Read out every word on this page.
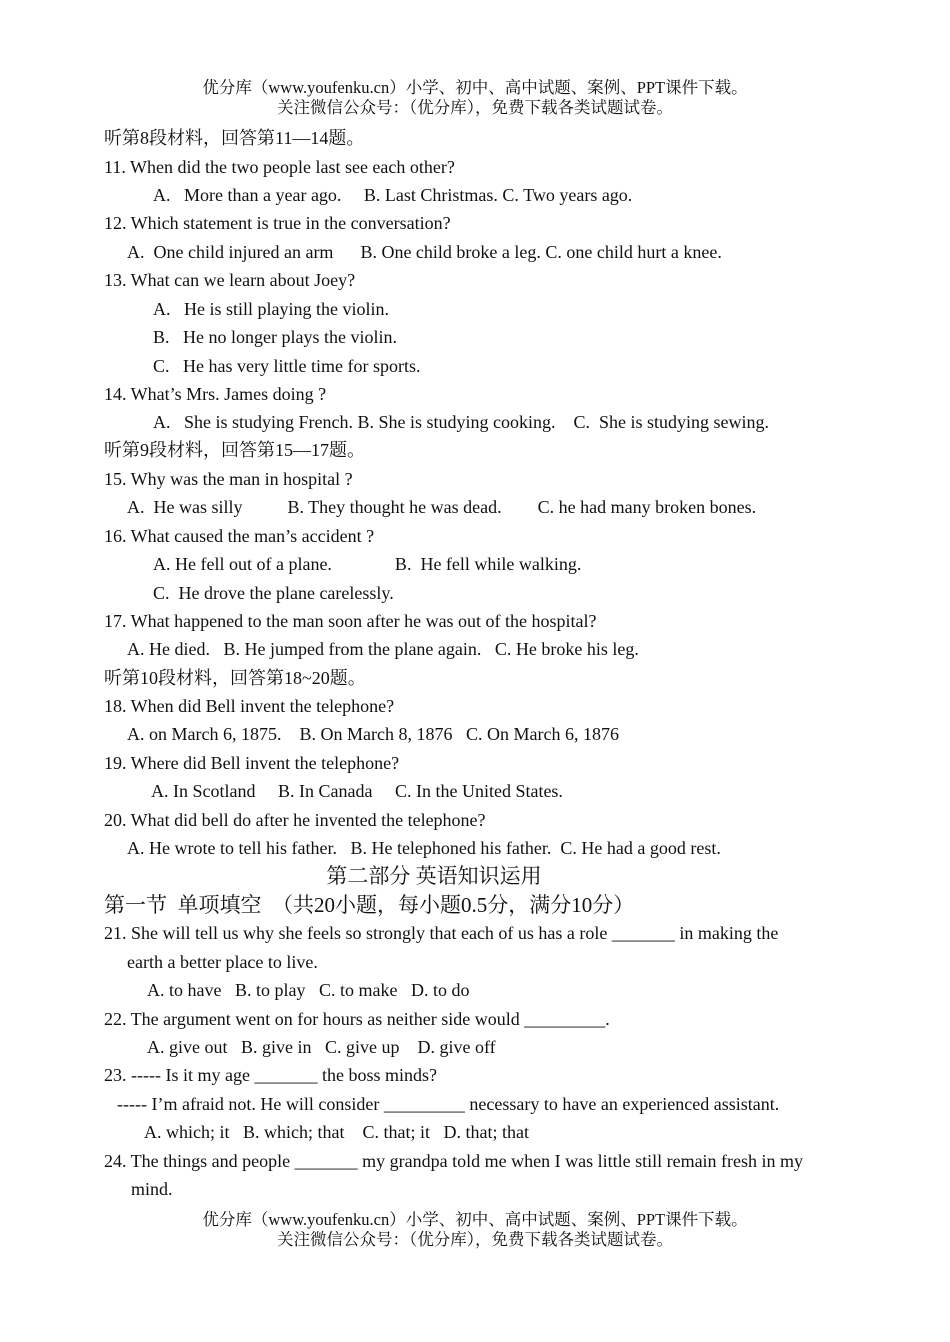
优分库（www.youfenku.cn）小学、初中、高中试题、案例、PPT课件下载。
关注微信公众号：（优分库），免费下载各类试题试卷。
听第8段材料，回答第11—14题。
11. When did the two people last see each other?
A.   More than a year ago.     B. Last Christmas. C. Two years ago.
12. Which statement is true in the conversation?
A.  One child injured an arm      B. One child broke a leg. C. one child hurt a knee.
13. What can we learn about Joey?
A.   He is still playing the violin.
B.   He no longer plays the violin.
C.   He has very little time for sports.
14. What’s Mrs. James doing ?
A.   She is studying French. B. She is studying cooking.    C.  She is studying sewing.
听第9段材料，回答第15—17题。
15. Why was the man in hospital ?
A.  He was silly          B. They thought he was dead.        C. he had many broken bones.
16. What caused the man’s accident ?
A. He fell out of a plane.              B.  He fell while walking.
C.  He drove the plane carelessly.
17. What happened to the man soon after he was out of the hospital?
A. He died.   B. He jumped from the plane again.   C. He broke his leg.
听第10段材料，回答第18~20题。
18. When did Bell invent the telephone?
A. on March 6, 1875.    B. On March 8, 1876   C. On March 6, 1876
19. Where did Bell invent the telephone?
A. In Scotland     B. In Canada     C. In the United States.
20. What did bell do after he invented the telephone?
A. He wrote to tell his father.   B. He telephoned his father.  C. He had a good rest.
第二部分 英语知识运用
第一节  单项填空  （共20小题，每小题0.5分，满分10分）
21. She will tell us why she feels so strongly that each of us has a role _______ in making the
earth a better place to live.
A. to have   B. to play   C. to make   D. to do
22. The argument went on for hours as neither side would _________.
A. give out   B. give in   C. give up    D. give off
23. ----- Is it my age _______ the boss minds?
----- I’m afraid not. He will consider _________ necessary to have an experienced assistant.
A. which; it   B. which; that    C. that; it   D. that; that
24. The things and people _______ my grandpa told me when I was little still remain fresh in my
mind.
优分库（www.youfenku.cn）小学、初中、高中试题、案例、PPT课件下载。
关注微信公众号：（优分库），免费下载各类试题试卷。
